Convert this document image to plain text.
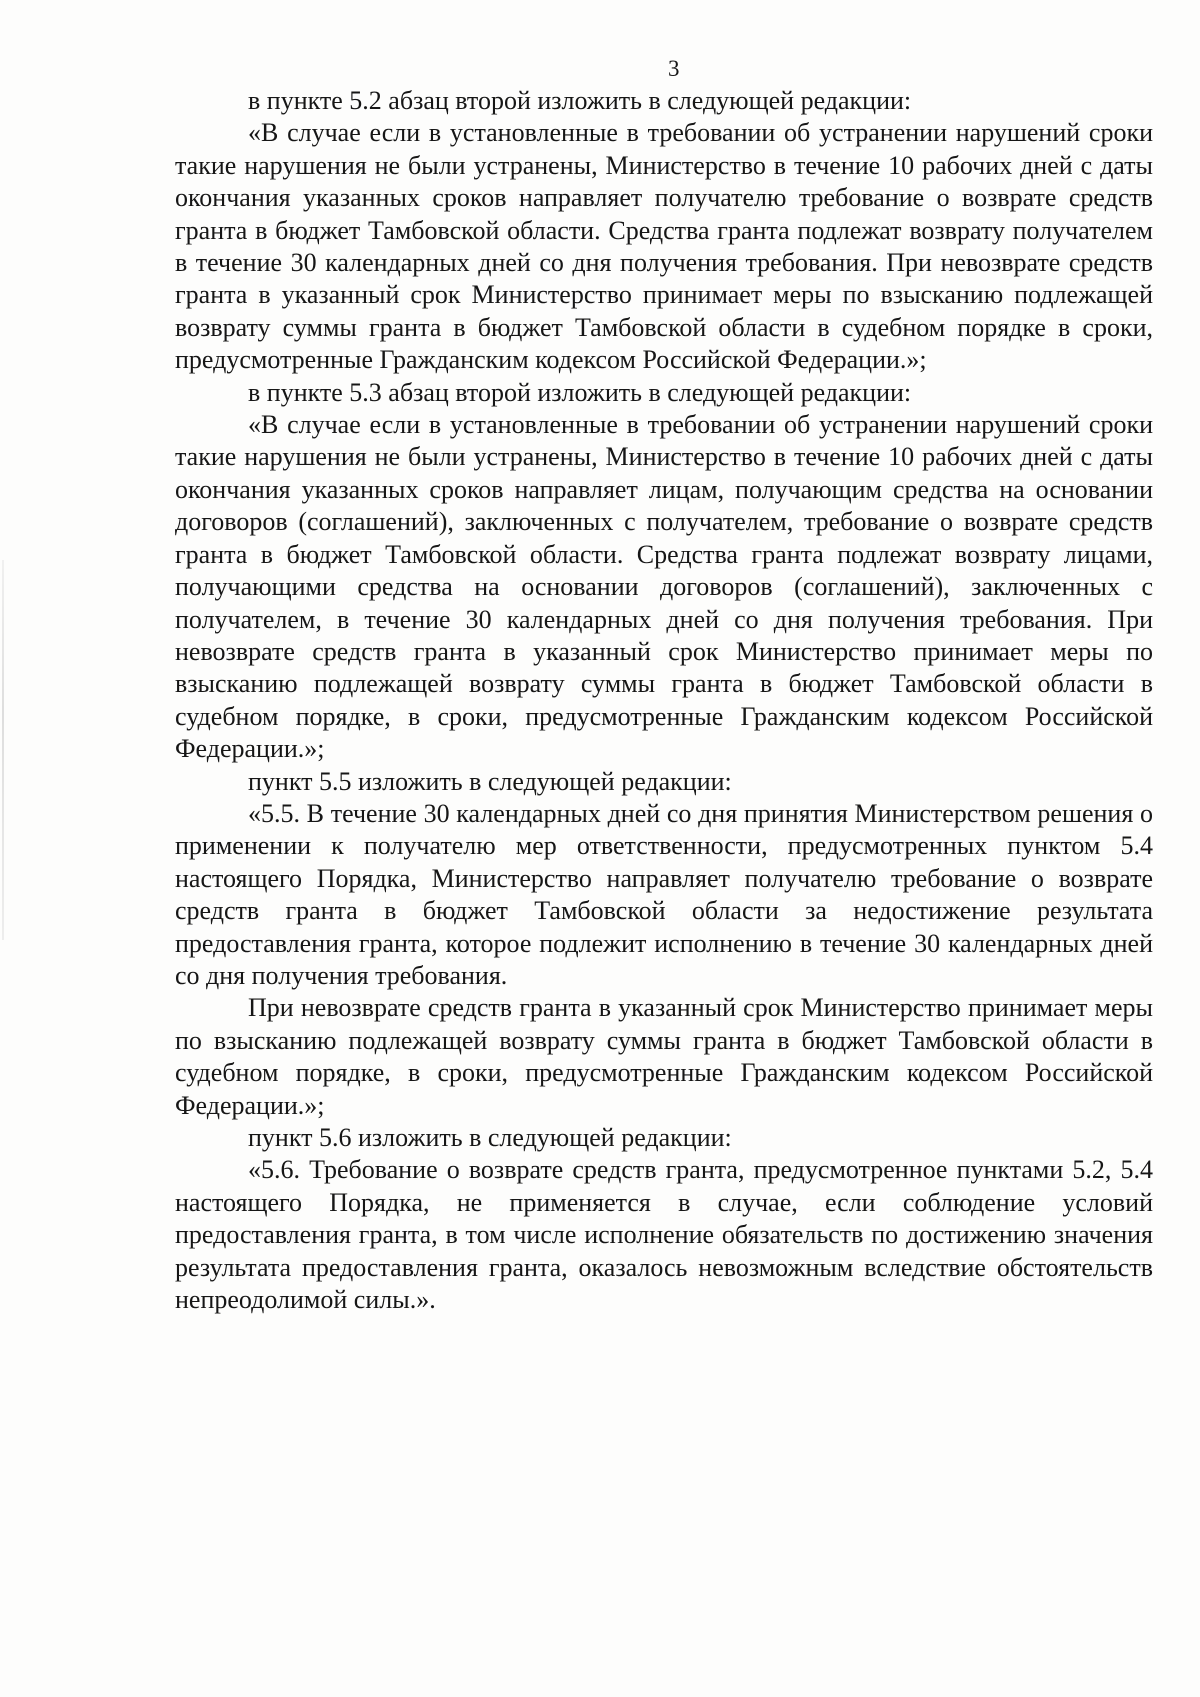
3

в пункте 5.2 абзац второй изложить в следующей редакции:

«В случае если в установленные в требовании об устранении нарушений сроки такие нарушения не были устранены, Министерство в течение 10 рабочих дней с даты окончания указанных сроков направляет получателю требование о возврате средств гранта в бюджет Тамбовской области. Средства гранта подлежат возврату получателем в течение 30 календарных дней со дня получения требования. При невозврате средств гранта в указанный срок Министерство принимает меры по взысканию подлежащей возврату суммы гранта в бюджет Тамбовской области в судебном порядке в сроки, предусмотренные Гражданским кодексом Российской Федерации.»;

в пункте 5.3 абзац второй изложить в следующей редакции:

«В случае если в установленные в требовании об устранении нарушений сроки такие нарушения не были устранены, Министерство в течение 10 рабочих дней с даты окончания указанных сроков направляет лицам, получающим средства на основании договоров (соглашений), заключенных с получателем, требование о возврате средств гранта в бюджет Тамбовской области. Средства гранта подлежат возврату лицами, получающими средства на основании договоров (соглашений), заключенных с получателем, в течение 30 календарных дней со дня получения требования. При невозврате средств гранта в указанный срок Министерство принимает меры по взысканию подлежащей возврату суммы гранта в бюджет Тамбовской области в судебном порядке, в сроки, предусмотренные Гражданским кодексом Российской Федерации.»;

пункт 5.5 изложить в следующей редакции:

«5.5. В течение 30 календарных дней со дня принятия Министерством решения о применении к получателю мер ответственности, предусмотренных пунктом 5.4 настоящего Порядка, Министерство направляет получателю требование о возврате средств гранта в бюджет Тамбовской области за недостижение результата предоставления гранта, которое подлежит исполнению в течение 30 календарных дней со дня получения требования.

При невозврате средств гранта в указанный срок Министерство принимает меры по взысканию подлежащей возврату суммы гранта в бюджет Тамбовской области в судебном порядке, в сроки, предусмотренные Гражданским кодексом Российской Федерации.»;

пункт 5.6 изложить в следующей редакции:

«5.6. Требование о возврате средств гранта, предусмотренное пунктами 5.2, 5.4 настоящего Порядка, не применяется в случае, если соблюдение условий предоставления гранта, в том числе исполнение обязательств по достижению значения результата предоставления гранта, оказалось невозможным вследствие обстоятельств непреодолимой силы.».
